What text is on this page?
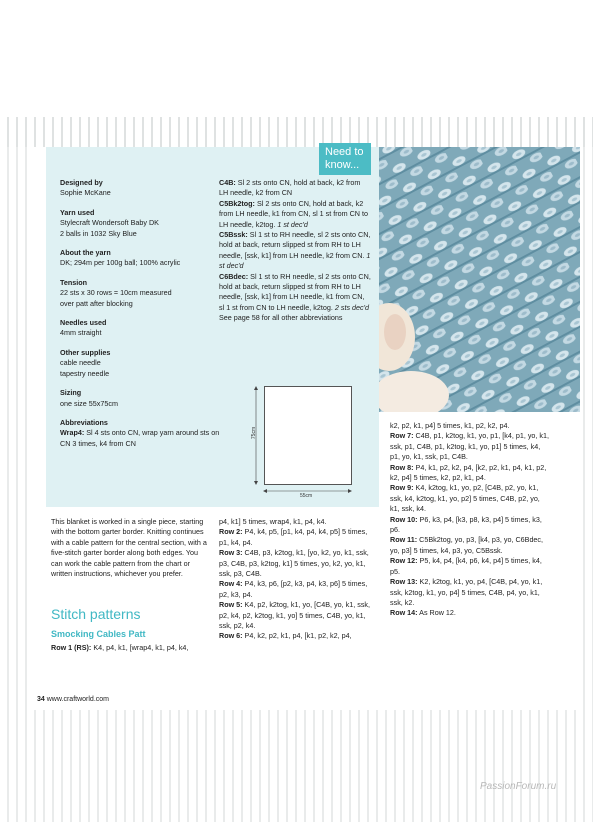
Need to know...
Designed by
Sophie McKane
Yarn used
Stylecraft Wondersoft Baby DK
2 balls in 1032 Sky Blue
About the yarn
DK; 294m per 100g ball; 100% acrylic
Tension
22 sts x 30 rows = 10cm measured
over patt after blocking
Needles used
4mm straight
Other supplies
cable needle
tapestry needle
Sizing
one size 55x75cm
Abbreviations

Wrap4: Sl 4 sts onto CN, wrap yarn around sts on CN 3 times, k4 from CN

C4B: Sl 2 sts onto CN, hold at back, k2 from LH needle, k2 from CN

C5Bk2tog: Sl 2 sts onto CN, hold at back, k2 from LH needle, k1 from CN, sl 1 st from CN to LH needle, k2tog. 1 st dec'd

C5Bssk: Sl 1 st to RH needle, sl 2 sts onto CN, hold at back, return slipped st from RH to LH needle, [ssk, k1] from LH needle, k2 from CN. 1 st dec'd

C6Bdec: Sl 1 st to RH needle, sl 2 sts onto CN, hold at back, return slipped st from RH to LH needle, [ssk, k1] from LH needle, k1 from CN, sl 1 st from CN to LH needle, k2tog. 2 sts dec'd

See page 58 for all other abbreviations

75cm
55cm
This blanket is worked in a single piece, starting with the bottom garter border. Knitting continues with a cable pattern for the central section, with a five-stitch garter border along both edges. You can work the cable pattern from the chart or written instructions, whichever you prefer.
Stitch patterns
Smocking Cables Patt

Row 1 (RS): K4, p4, k1, [wrap4, k1, p4, k4,

p4, k1] 5 times, wrap4, k1, p4, k4.

Row 2: P4, k4, p5, [p1, k4, p4, k4, p5] 5 times, p1, k4, p4.

Row 3: C4B, p3, k2tog, k1, [yo, k2, yo, k1, ssk, p3, C4B, p3, k2tog, k1] 5 times, yo, k2, yo, k1, ssk, p3, C4B.

Row 4: P4, k3, p6, [p2, k3, p4, k3, p6] 5 times, p2, k3, p4.

Row 5: K4, p2, k2tog, k1, yo, [C4B, yo, k1, ssk, p2, k4, p2, k2tog, k1, yo] 5 times, C4B, yo, k1, ssk, p2, k4.

Row 6: P4, k2, p2, k1, p4, [k1, p2, k2, p4,

k2, p2, k1, p4] 5 times, k1, p2, k2, p4.

Row 7: C4B, p1, k2tog, k1, yo, p1, [k4, p1, yo, k1, ssk, p1, C4B, p1, k2tog, k1, yo, p1] 5 times, k4, p1, yo, k1, ssk, p1, C4B.

Row 8: P4, k1, p2, k2, p4, [k2, p2, k1, p4, k1, p2, k2, p4] 5 times, k2, p2, k1, p4.

Row 9: K4, k2tog, k1, yo, p2, [C4B, p2, yo, k1, ssk, k4, k2tog, k1, yo, p2] 5 times, C4B, p2, yo, k1, ssk, k4.

Row 10: P6, k3, p4, [k3, p8, k3, p4] 5 times, k3, p6.

Row 11: C5Bk2tog, yo, p3, [k4, p3, yo, C6Bdec, yo, p3] 5 times, k4, p3, yo, C5Bssk.

Row 12: P5, k4, p4, [k4, p6, k4, p4] 5 times, k4, p5.

Row 13: K2, k2tog, k1, yo, p4, [C4B, p4, yo, k1, ssk, k2tog, k1, yo, p4] 5 times, C4B, p4, yo, k1, ssk, k2.

Row 14: As Row 12.

34 www.craftworld.com
PassionForum.ru
